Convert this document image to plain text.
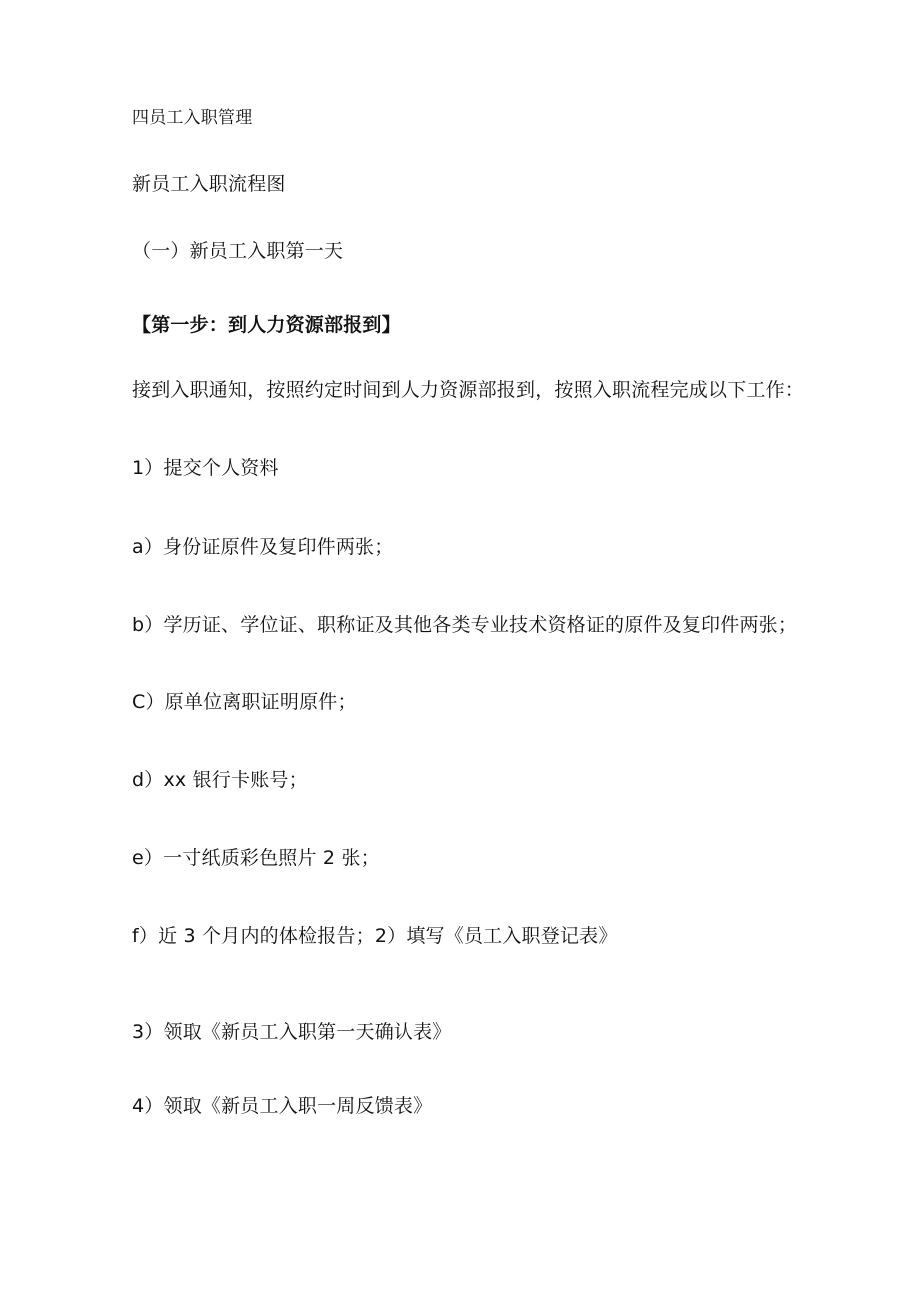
四员工入职管理
新员工入职流程图
（一）新员工入职第一天
【第一步：到人力资源部报到】
接到入职通知，按照约定时间到人力资源部报到，按照入职流程完成以下工作：
1）提交个人资料
a）身份证原件及复印件两张；
b）学历证、学位证、职称证及其他各类专业技术资格证的原件及复印件两张；
C）原单位离职证明原件；
d）xx 银行卡账号；
e）一寸纸质彩色照片 2 张；
f）近 3 个月内的体检报告；2）填写《员工入职登记表》
3）领取《新员工入职第一天确认表》
4）领取《新员工入职一周反馈表》
